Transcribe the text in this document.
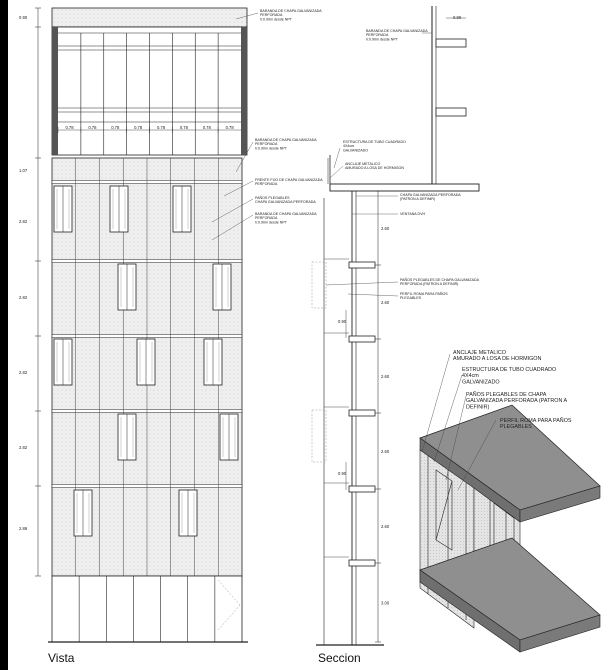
0.78	0.78	0.78	0.78	0.78	0.78	0.78	0.78
0.90
1.07
2.82
2.82
2.82
2.82
2.86
BARANDA DE CHAPA GALVANIZADA
PERFORADA
h:0.90m desde NPT
BARANDA DE CHAPA GALVANIZADA
PERFORADA
h:0.90m desde NPT
FRENTE FIJO DE CHAPA GALVANIZADA
PERFORADA
PAÑOS PLEGABLES
CHAPA GALVANIZADA PERFORADA
BARANDA DE CHAPA GALVANIZADA
PERFORADA
h:0.90m desde NPT
2.60
2.60
2.60
2.60
2.60
3.00
0.90
0.90
0.90
BARANDA DE CHAPA GALVANIZADA
PERFORADA
h:0.90m desde NPT
ESTRUCTURA DE TUBO CUADRADO
4X4cm
GALVANIZADO
ANCLAJE METALICO
AMURADO A LOSA DE HORMIGON
CHAPA GALVANIZADA PERFORADA
(PATRON A DEFINIR)
VENTANA DVH
PAÑOS PLEGABLES DE CHAPA GALVANIZADA
PERFORADA (PATRON A DEFINIR)
PERFIL ROMA PARA PAÑOS
PLEGABLES
ANCLAJE METALICO
AMURADO A LOSA DE HORMIGON
ESTRUCTURA DE TUBO CUADRADO
4X4cm
GALVANIZADO
PAÑOS PLEGABLES DE CHAPA
GALVANIZADA PERFORADA (PATRON A
DEFINIR)
PERFIL ROMA PARA PAÑOS
PLEGABLES
Vista	Seccion
